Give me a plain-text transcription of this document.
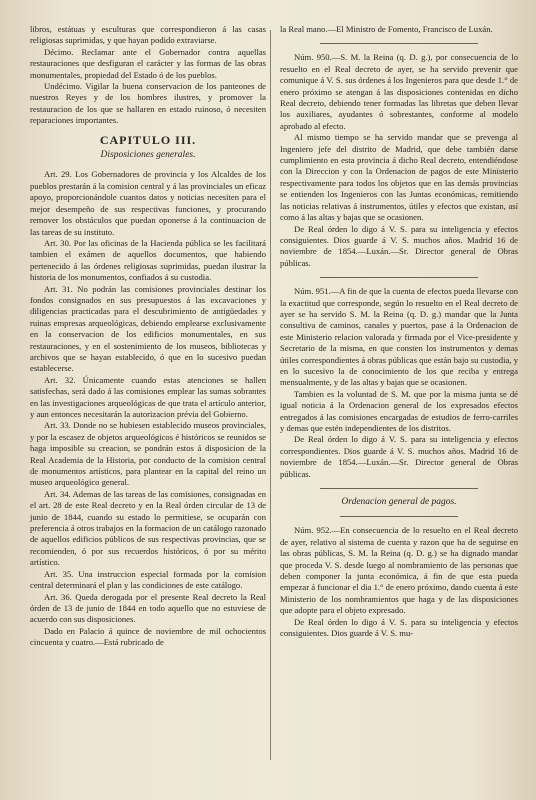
libros, estátuas y esculturas que correspondieron á las casas religiosas suprimidas, y que hayan podido extraviarse.

Décimo. Reclamar ante el Gobernador contra aquellas restauraciones que desfiguran el carácter y las formas de las obras monumentales, propiedad del Estado ó de los pueblos.

Undécimo. Vigilar la buena conservacion de los panteones de nuestros Reyes y de los hombres ilustres, y promover la restauracion de los que se hallaren en estado ruinoso, ó necesiten reparaciones importantes.

CAPITULO III.
Disposiciones generales.

Art. 29. Los Gobernadores de provincia y los Alcaldes de los pueblos prestarán á la comision central y á las provinciales un eficaz apoyo, proporcionándole cuantos datos y noticias necesiten para el mejor desempeño de sus respectivas funciones, y procurando remover los obstáculos que puedan oponerse á la continuacion de las tareas de su instituto.

Art. 30. Por las oficinas de la Hacienda pública se les facilitará tambien el exámen de aquellos documentos, que habiendo pertenecido á las órdenes religiosas suprimidas, puedan ilustrar la historia de los monumentos, confiados á su custodia.

Art. 31. No podrán las comisiones provinciales destinar los fondos consignados en sus presupuestos á las excavaciones y diligencias practicadas para el descubrimiento de antigüedades y ruinas empresas arqueológicas, debiendo emplearse exclusivamente en la conservacion de los edificios monumentales, en sus restauraciones, y en el sostenimiento de los museos, bibliotecas y archivos que se hayan establecido, ó que en lo sucesivo puedan establecerse.

Art. 32. Únicamente cuando estas atenciones se hallen satisfechas, será dado á las comisiones emplear las sumas sobrantes en las investigaciones arqueológicas de que trata el artículo anterior, y aun entonces necesitarán la autorizacion prévia del Gobierno.

Art. 33. Donde no se hubiesen establecido museos provinciales, y por la escasez de objetos arqueológicos é históricos se reunidos se haga imposible su creacion, se pondrán estos á disposicion de la Real Academia de la Historia, por conducto de la comision central de monumentos artísticos, para plantear en la capital del reino un museo arqueológico general.

Art. 34. Ademas de las tareas de las comisiones, consignadas en el art. 28 de este Real decreto y en la Real órden circular de 13 de junio de 1844, cuando su estado lo permitiese, se ocuparán con preferencia á otros trabajos en la formacion de un catálogo razonado de aquellos edificios públicos de sus respectivas provincias, que se recomienden, ó por sus recuerdos históricos, ó por su mérito artístico.

Art. 35. Una instruccion especial formada por la comision central determinará el plan y las condiciones de este catálogo.

Art. 36. Queda derogada por el presente Real decreto la Real órden de 13 de junio de 1844 en todo aquello que no estuviese de acuerdo con sus disposiciones.

Dado en Palacio á quince de noviembre de mil ochocientos cincuenta y cuatro.—Está rubricado de

la Real mano.—El Ministro de Fomento, Francisco de Luxán.

Núm. 950.—S. M. la Reina (q. D. g.), por consecuencia de lo resuelto en el Real decreto de ayer, se ha servido prevenir que comunique á V. S. sus órdenes á los Ingenieros para que desde 1.° de enero próximo se atengan á las disposiciones contenidas en dicho Real decreto, debiendo tener formadas las libretas que deben llevar los auxiliares, ayudantes ó sobrestantes, conforme al modelo aprobado al efecto.

Al mismo tiempo se ha servido mandar que se prevenga al Ingeniero jefe del distrito de Madrid, que debe también darse cumplimiento en esta provincia á dicho Real decreto, entendiéndose con la Direccion y con la Ordenacion de pagos de este Ministerio respectivamente para todos los objetos que en las demás provincias se entienden los Ingenieros con las Juntas económicas, remitiendo las noticias relativas á instrumentos, útiles y efectos que existan, así como á las altas y bajas que se ocasionen.

De Real órden lo digo á V. S. para su inteligencia y efectos consiguientes. Dios guarde á V. S. muchos años. Madrid 16 de noviembre de 1854.—Luxán.—Sr. Director general de Obras públicas.

Núm. 951.—A fin de que la cuenta de efectos pueda llevarse con la exactitud que corresponde, según lo resuelto en el Real decreto de ayer se ha servido S. M. la Reina (q. D. g.) mandar que la Junta consultiva de caminos, canales y puertos, pase á la Ordenacion de este Ministerio relacion valorada y firmada por el Vice-presidente y Secretario de la misma, en que consten los instrumentos y demas útiles correspondientes á obras públicas que están bajo su custodia, y en lo sucesivo la de conocimiento de los que reciba y entrega mensualmente, y de las altas y bajas que se ocasionen.

Tambien es la voluntad de S. M. que por la misma junta se dé igual noticia á la Ordenacion general de los expresados efectos entregados á las comisiones encargadas de estudios de ferro-carriles y demas que estén independientes de los distritos.

De Real órden lo digo á V. S. para su inteligencia y efectos correspondientes. Dios guarde á V. S. muchos años. Madrid 16 de noviembre de 1854.—Luxán.—Sr. Director general de Obras públicas.

Ordenacion general de pagos.

Núm. 952.—En consecuencia de lo resuelto en el Real decreto de ayer, relativo al sistema de cuenta y razon que ha de seguirse en las obras públicas, S. M. la Reina (q. D. g.) se ha dignado mandar que proceda V. S. desde luego al nombramiento de las personas que deben componer la junta económica, á fin de que esta pueda empezar á funcionar el dia 1.° de enero próximo, dando cuenta á este Ministerio de los nombramientos que haga y de las disposiciones que adopte para el objeto expresado.

De Real órden lo digo á V. S. para su inteligencia y efectos consiguientes. Dios guarde á V. S. mu-
